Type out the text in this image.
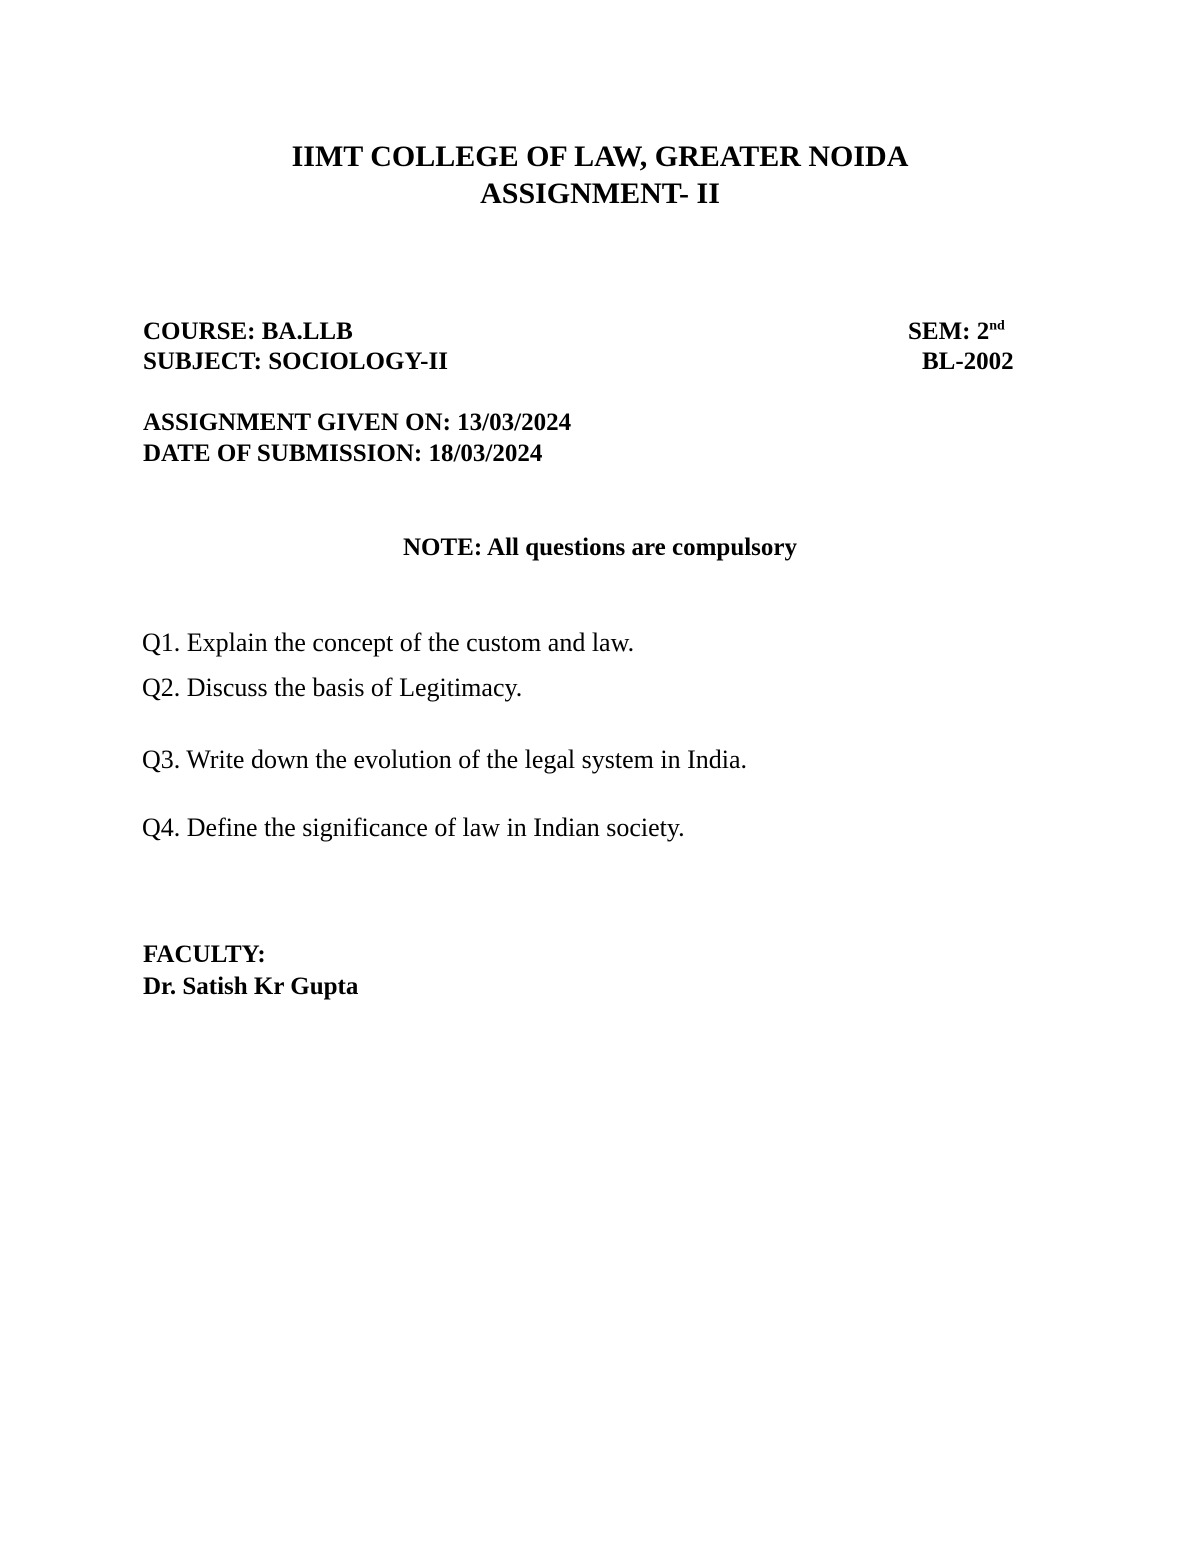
IIMT COLLEGE OF LAW, GREATER NOIDA
ASSIGNMENT- II
COURSE: BA.LLB	SEM: 2nd
SUBJECT: SOCIOLOGY-II	BL-2002
ASSIGNMENT GIVEN ON: 13/03/2024
DATE OF SUBMISSION: 18/03/2024
NOTE: All questions are compulsory
Q1. Explain the concept of the custom and law.
Q2. Discuss the basis of Legitimacy.
Q3. Write down the evolution of the legal system in India.
Q4. Define the significance of law in Indian society.
FACULTY:
Dr. Satish Kr Gupta
